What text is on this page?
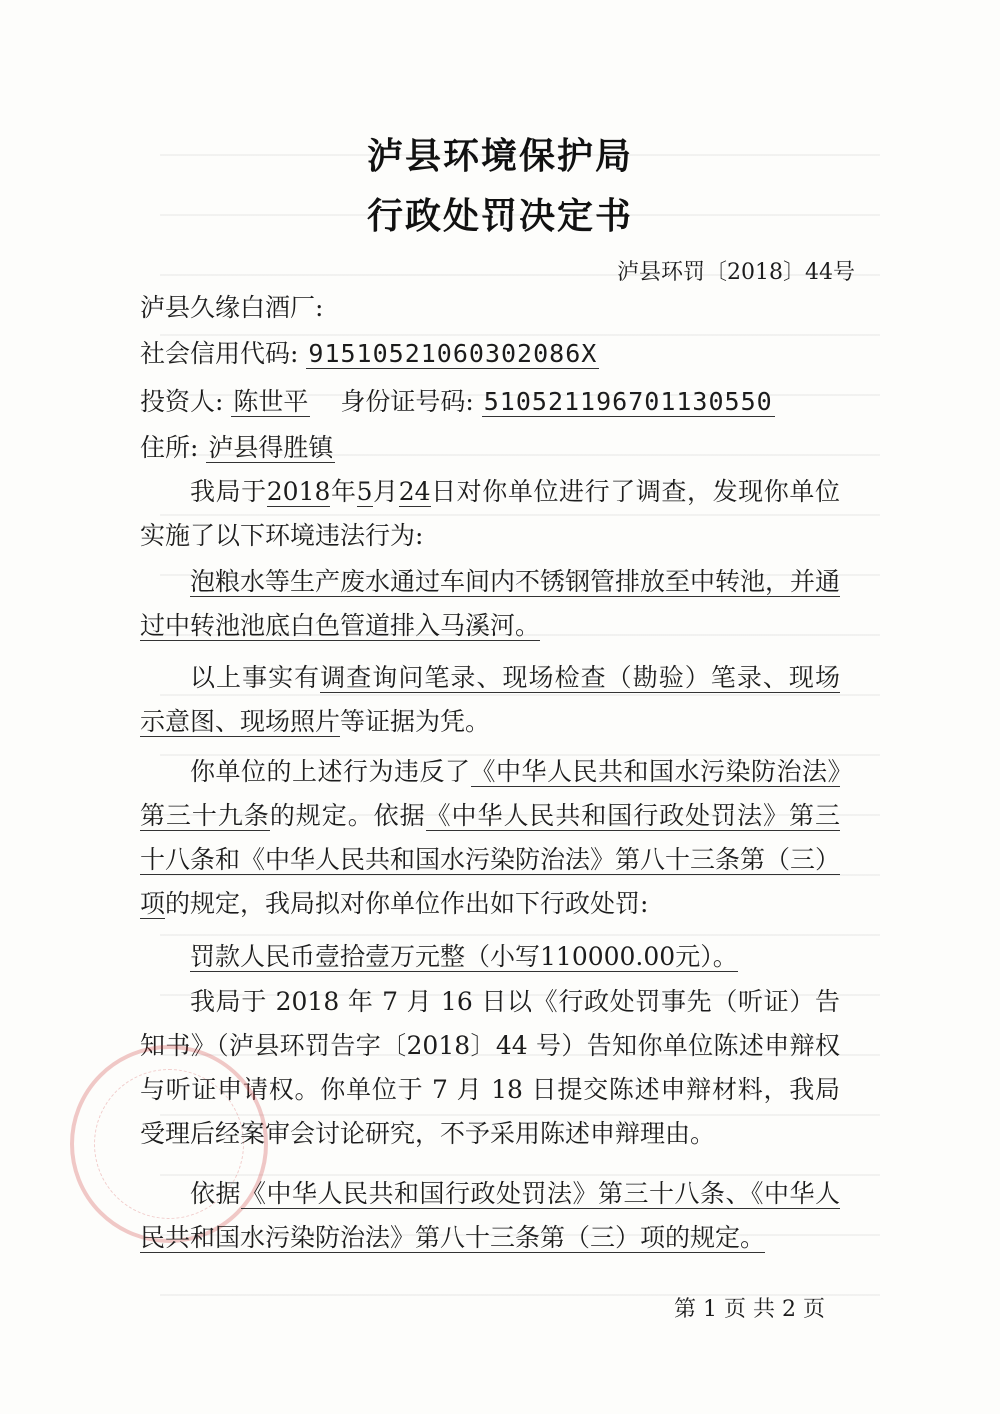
泸县环境保护局
行政处罚决定书
泸县环罚〔2018〕44号
泸县久缘白酒厂:
社会信用代码: 91510521060302086X
投资人: 陈世平 身份证号码: 510521196701130550
住所: 泸县得胜镇
我局于2018年5月24日对你单位进行了调查，发现你单位实施了以下环境违法行为:
泡粮水等生产废水通过车间内不锈钢管排放至中转池，并通过中转池池底白色管道排入马溪河。
以上事实有调查询问笔录、现场检查（勘验）笔录、现场示意图、现场照片等证据为凭。
你单位的上述行为违反了《中华人民共和国水污染防治法》第三十九条的规定。依据《中华人民共和国行政处罚法》第三十八条和《中华人民共和国水污染防治法》第八十三条第（三）项的规定，我局拟对你单位作出如下行政处罚:
罚款人民币壹拾壹万元整（小写110000.00元）。
我局于 2018 年 7 月 16 日以《行政处罚事先（听证）告知书》（泸县环罚告字〔2018〕44 号）告知你单位陈述申辩权与听证申请权。你单位于 7 月 18 日提交陈述申辩材料，我局受理后经案审会讨论研究，不予采用陈述申辩理由。
依据《中华人民共和国行政处罚法》第三十八条、《中华人民共和国水污染防治法》第八十三条第（三）项的规定。
第 1 页 共 2 页
